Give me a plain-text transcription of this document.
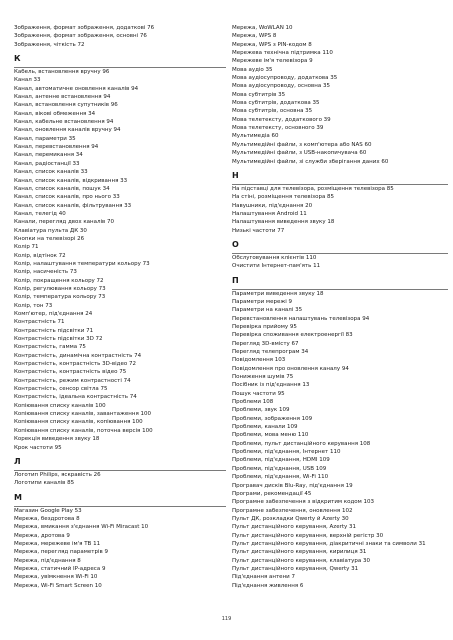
Зображення, формат зображення, додаткові 76
Зображення, формат зображення, основні 76
Зображення, чіткість 72
К
Кабель, встановлення вручну 96
Канал 33
Канал, автоматичне оновлення каналів 94
Канал, антенне встановлення 94
Канал, встановлення супутників 96
Канал, вікові обмеження 34
Канал, кабельне встановлення 94
Канал, оновлення каналів вручну 94
Канал, параметри 35
Канал, перевстановлення 94
Канал, перемикання 34
Канал, радіостанції 33
Канал, список каналів 33
Канал, список каналів, відкривання 33
Канал, список каналів, пошук 34
Канал, список каналів, про нього 33
Канал, список каналів, фільтрування 33
Канал, телегід 40
Канали, перегляд двох каналів 70
Клавіатура пульта ДК 30
Кнопки на телевізорі 26
Колір 71
Колір, відтінок 72
Колір, налаштування температури кольору 73
Колір, насиченість 73
Колір, покращення кольору 72
Колір, регулювання кольору 73
Колір, температура кольору 73
Колір, тон 73
Комп'ютер, під'єднання 24
Контрастність 71
Контрастність підсвітки 71
Контрастність підсвітки 3D 72
Контрастність, гамма 75
Контрастність, динамічна контрастність 74
Контрастність, контрастність 3D-відео 72
Контрастність, контрастність відео 75
Контрастність, режим контрастності 74
Контрастність, сенсор світла 75
Контрастність, ідеальна контрастність 74
Копіювання списку каналів 100
Копіювання списку каналів, завантаження 100
Копіювання списку каналів, копіювання 100
Копіювання списку каналів, поточна версія 100
Корекція виведення звуку 18
Крок частоти 95
Л
Логотип Philips, яскравість 26
Логотипи каналів 85
М
Магазин Google Play 53
Мережа, бездротова 8
Мережа, вмикання з'єднання Wi-Fi Miracast 10
Мережа, дротова 9
Мережа, мережеве ім'я ТВ 11
Мережа, перегляд параметрів 9
Мережа, під'єднання 8
Мережа, статичний IP-адреса 9
Мережа, увімкнення Wi-Fi 10
Мережа, Wi-Fi Smart Screen 10
Мережа, WoWLAN 10
Мережа, WPS 8
Мережа, WPS з PIN-кодом 8
Мережева технічна підтримка 110
Мережеве ім'я телевізора 9
Мова аудіо 35
Мова аудіосупроводу, додаткова 35
Мова аудіосупроводу, основна 35
Мова субтитрів 35
Мова субтитрів, додаткова 35
Мова субтитрів, основна 35
Мова телетексту, додаткового 39
Мова телетексту, основного 39
Мультимедіа 60
Мультимедійні файли, з комп'ютера або NAS 60
Мультимедійні файли, з USB-накопичувача 60
Мультимедійні файли, зі служби зберігання даних 60
Н
На підставці для телевізора, розміщення телевізора 85
На стіні, розміщення телевізора 85
Навушники, під'єднання 20
Налаштування Android 11
Налаштування виведення звуку 18
Низькі частоти 77
О
Обслуговування клієнтів 110
Очистити Інтернет-пам'ять 11
П
Параметри виведення звуку 18
Параметри мережі 9
Параметри на каналі 35
Перевстановлення налаштувань телевізора 94
Перевірка прийому 95
Перевірка споживання електроенергії 83
Перегляд 3D-вмісту 67
Перегляд телепрограм 34
Повідомлення 103
Повідомлення про оновлення каналу 94
Пониження шумів 75
Посібник із під'єднання 13
Пошук частоти 95
Проблеми 108
Проблеми, звук 109
Проблеми, зображення 109
Проблеми, канали 109
Проблеми, мова меню 110
Проблеми, пульт дистанційного керування 108
Проблеми, під'єднання, Інтернет 110
Проблеми, під'єднання, HDMI 109
Проблеми, під'єднання, USB 109
Проблеми, під'єднання, Wi-Fi 110
Програвач дисків Blu-Ray, під'єднання 19
Програми, рекомендації 45
Програмне забезпечення з відкритим кодом 103
Програмне забезпечення, оновлення 102
Пульт ДК, розкладки Qwerty й Azerty 30
Пульт дистанційного керування, Azerty 31
Пульт дистанційного керування, верхній регістр 30
Пульт дистанційного керування, діакритичні знаки та символи 31
Пульт дистанційного керування, кирилиця 31
Пульт дистанційного керування, клавіатура 30
Пульт дистанційного керування, Qwerty 31
Під'єднання антени 7
Під'єднання живлення 6
119
